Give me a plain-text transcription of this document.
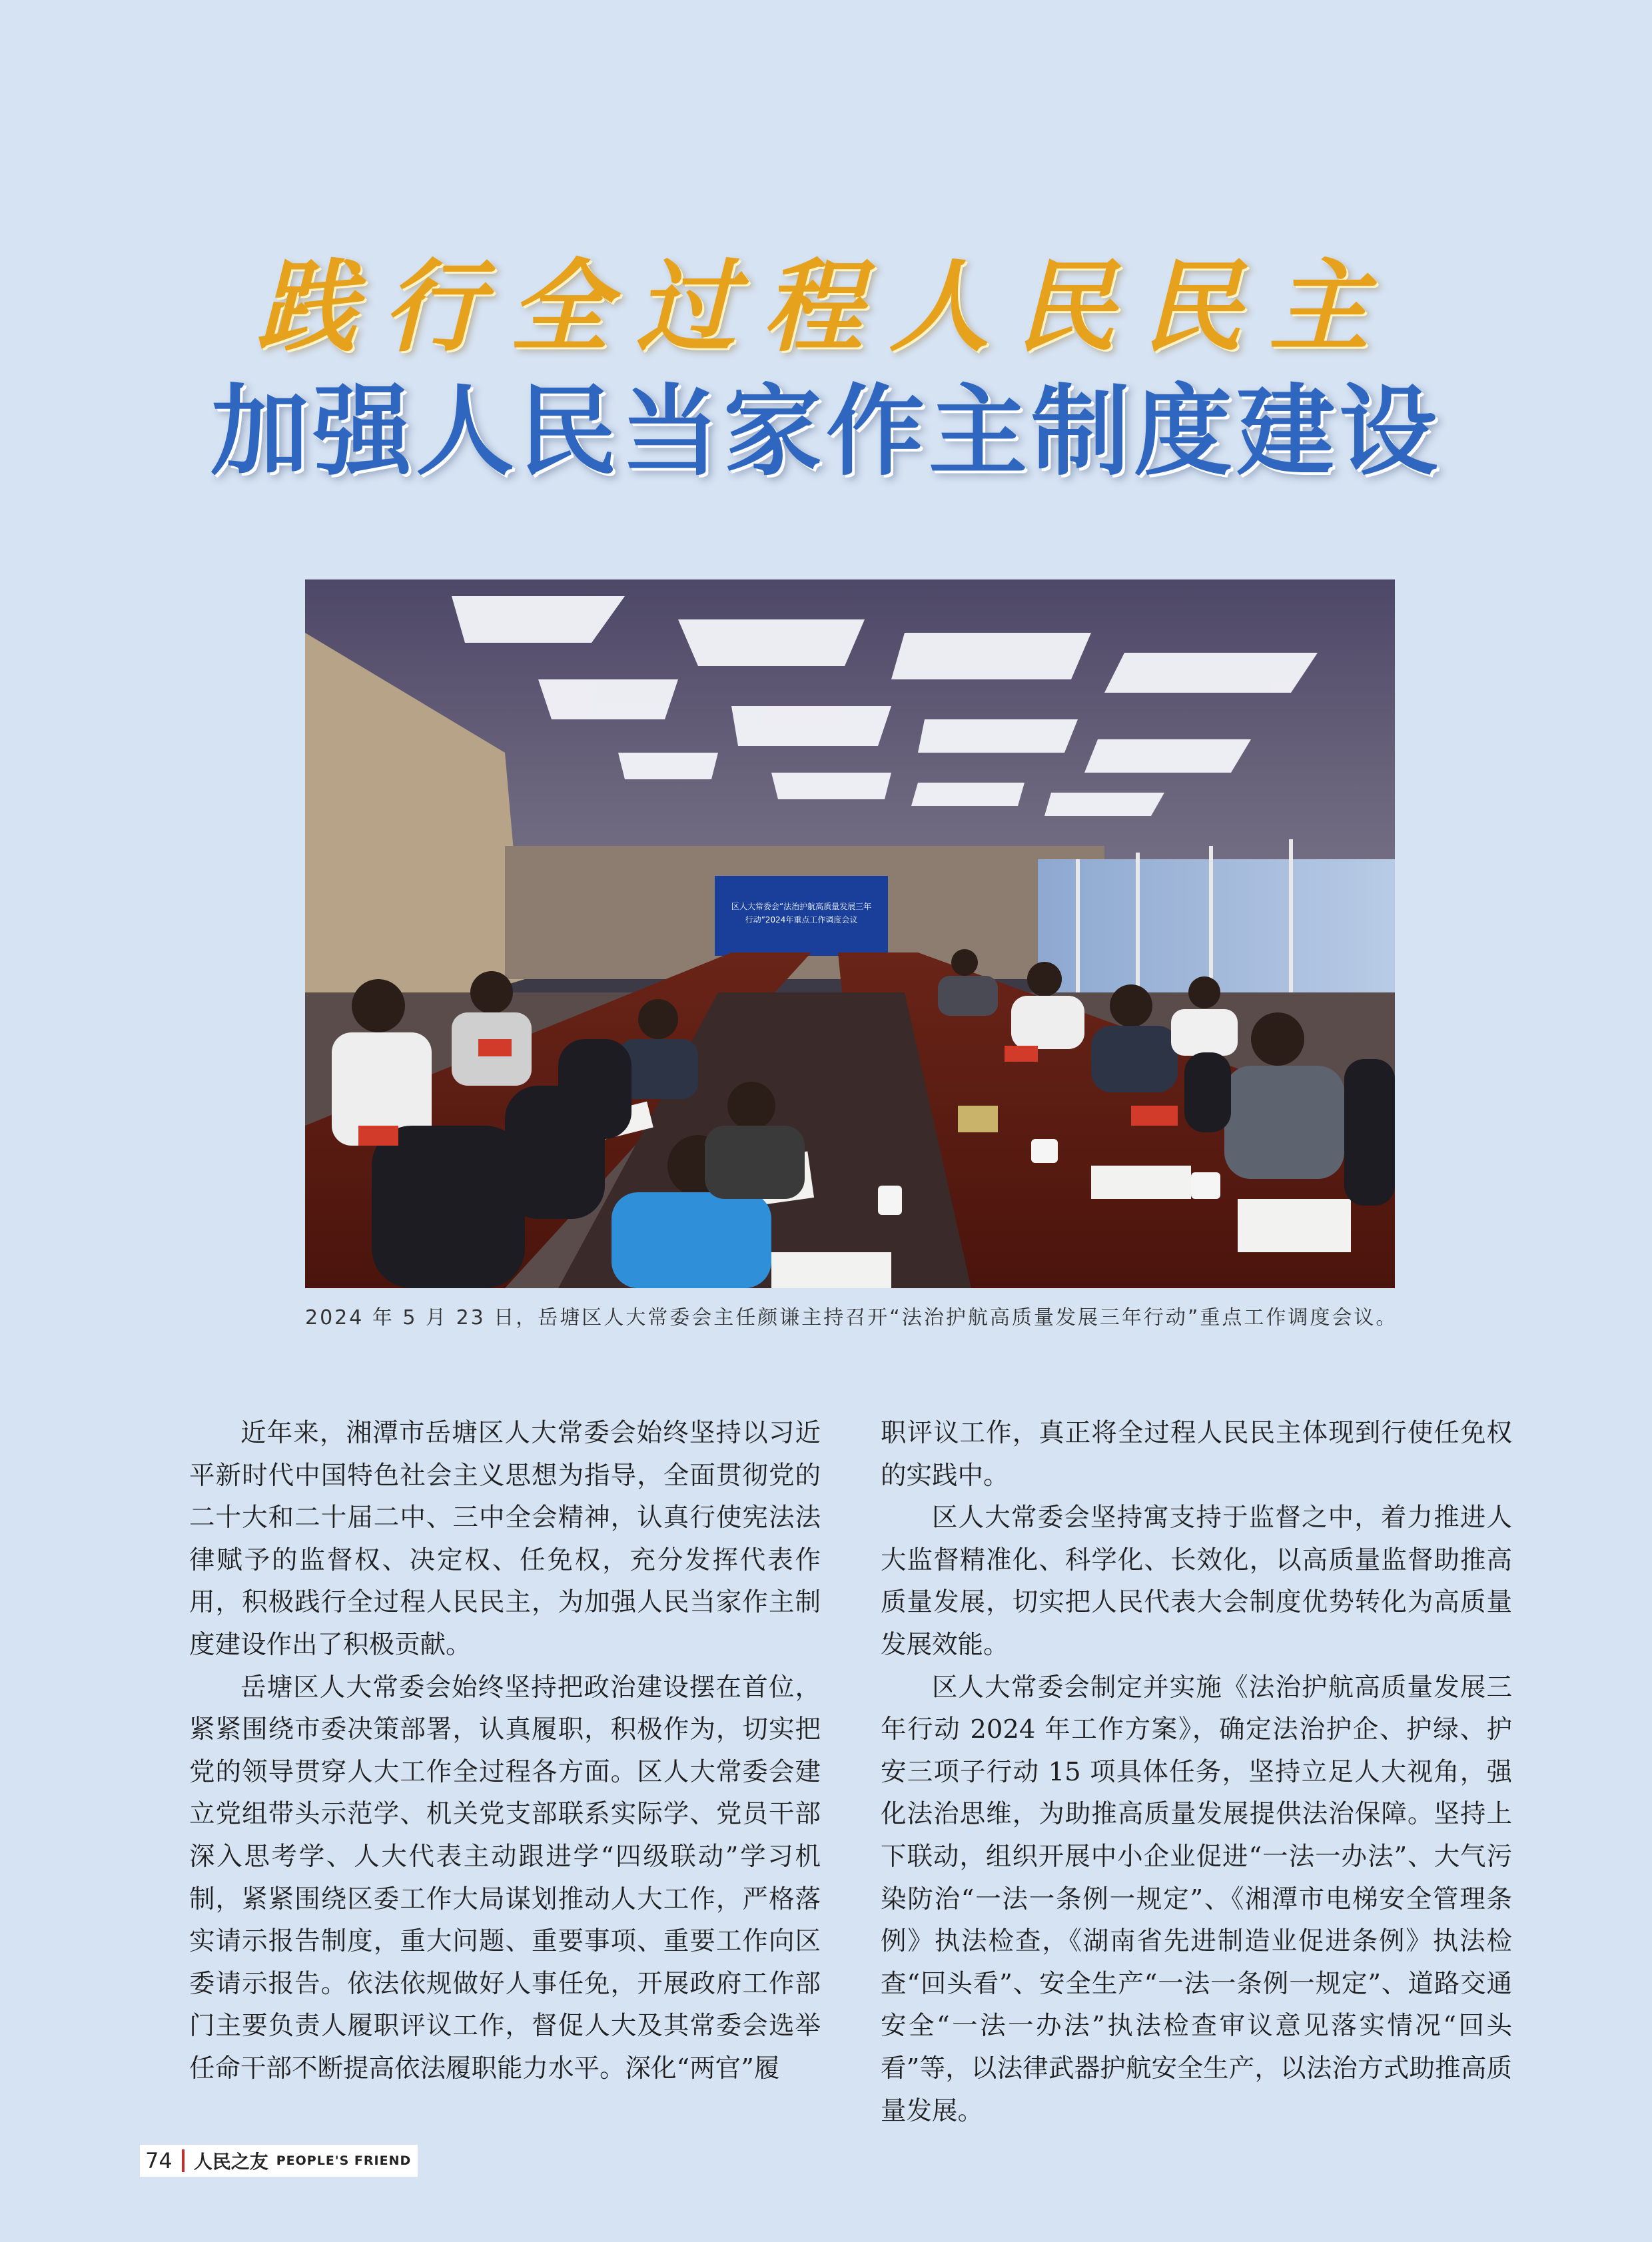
践行全过程人民民主
加强人民当家作主制度建设
区人大常委会“法治护航高质量发展三年
行动”2024年重点工作调度会议
2024 年 5 月 23 日，岳塘区人大常委会主任颜谦主持召开“法治护航高质量发展三年行动”重点工作调度会议。

近年来，湘潭市岳塘区人大常委会始终坚持以习近平新时代中国特色社会主义思想为指导，全面贯彻党的二十大和二十届二中、三中全会精神，认真行使宪法法律赋予的监督权、决定权、任免权，充分发挥代表作用，积极践行全过程人民民主，为加强人民当家作主制度建设作出了积极贡献。

岳塘区人大常委会始终坚持把政治建设摆在首位，紧紧围绕市委决策部署，认真履职，积极作为，切实把党的领导贯穿人大工作全过程各方面。区人大常委会建立党组带头示范学、机关党支部联系实际学、党员干部深入思考学、人大代表主动跟进学“四级联动”学习机制，紧紧围绕区委工作大局谋划推动人大工作，严格落实请示报告制度，重大问题、重要事项、重要工作向区委请示报告。依法依规做好人事任免，开展政府工作部门主要负责人履职评议工作，督促人大及其常委会选举任命干部不断提高依法履职能力水平。深化“两官”履

职评议工作，真正将全过程人民民主体现到行使任免权的实践中。

区人大常委会坚持寓支持于监督之中，着力推进人大监督精准化、科学化、长效化，以高质量监督助推高质量发展，切实把人民代表大会制度优势转化为高质量发展效能。

区人大常委会制定并实施《法治护航高质量发展三年行动 2024 年工作方案》，确定法治护企、护绿、护安三项子行动 15 项具体任务，坚持立足人大视角，强化法治思维，为助推高质量发展提供法治保障。坚持上下联动，组织开展中小企业促进“一法一办法”、大气污染防治“一法一条例一规定”、《湘潭市电梯安全管理条例》执法检查，《湖南省先进制造业促进条例》执法检查“回头看”、安全生产“一法一条例一规定”、道路交通安全“一法一办法”执法检查审议意见落实情况“回头看”等，以法律武器护航安全生产，以法治方式助推高质量发展。

74 人民之友 PEOPLE'S FRIEND
